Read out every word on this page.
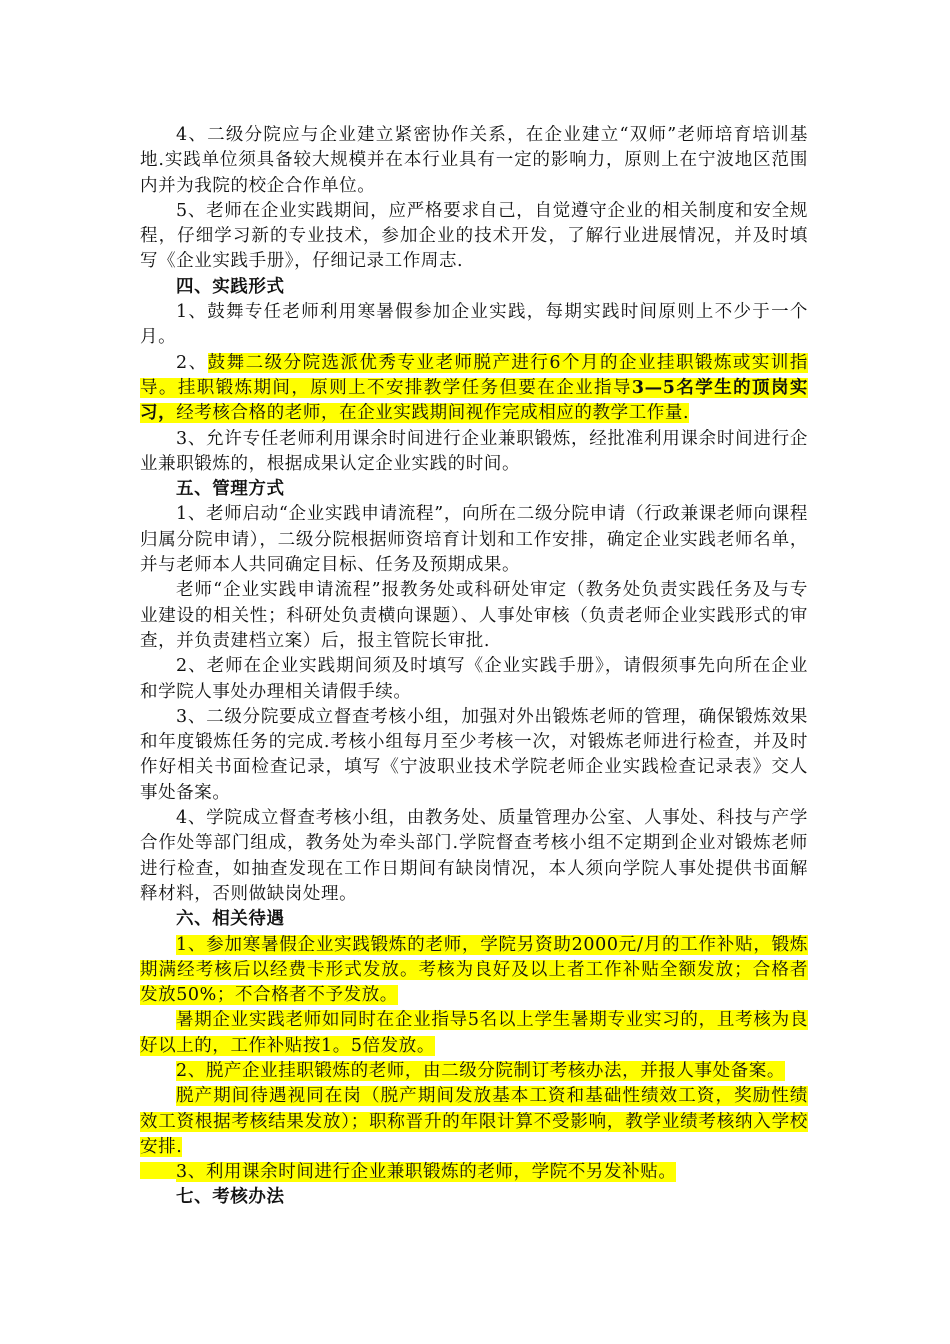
4、二级分院应与企业建立紧密协作关系，在企业建立“双师”老师培育培训基地.实践单位须具备较大规模并在本行业具有一定的影响力，原则上在宁波地区范围内并为我院的校企合作单位。

5、老师在企业实践期间，应严格要求自己，自觉遵守企业的相关制度和安全规程，仔细学习新的专业技术，参加企业的技术开发，了解行业进展情况，并及时填写《企业实践手册》，仔细记录工作周志.

四、实践形式

1、鼓舞专任老师利用寒暑假参加企业实践，每期实践时间原则上不少于一个月。

2、鼓舞二级分院选派优秀专业老师脱产进行6个月的企业挂职锻炼或实训指导。挂职锻炼期间，原则上不安排教学任务但要在企业指导3—5名学生的顶岗实习，经考核合格的老师，在企业实践期间视作完成相应的教学工作量.

3、允许专任老师利用课余时间进行企业兼职锻炼，经批准利用课余时间进行企业兼职锻炼的，根据成果认定企业实践的时间。

五、管理方式

1、老师启动“企业实践申请流程”，向所在二级分院申请（行政兼课老师向课程归属分院申请），二级分院根据师资培育计划和工作安排，确定企业实践老师名单，并与老师本人共同确定目标、任务及预期成果。

老师“企业实践申请流程”报教务处或科研处审定（教务处负责实践任务及与专业建设的相关性；科研处负责横向课题）、人事处审核（负责老师企业实践形式的审查，并负责建档立案）后，报主管院长审批.

2、老师在企业实践期间须及时填写《企业实践手册》，请假须事先向所在企业和学院人事处办理相关请假手续。

3、二级分院要成立督查考核小组，加强对外出锻炼老师的管理，确保锻炼效果和年度锻炼任务的完成.考核小组每月至少考核一次，对锻炼老师进行检查，并及时作好相关书面检查记录，填写《宁波职业技术学院老师企业实践检查记录表》交人事处备案。

4、学院成立督查考核小组，由教务处、质量管理办公室、人事处、科技与产学合作处等部门组成，教务处为牵头部门.学院督查考核小组不定期到企业对锻炼老师进行检查，如抽查发现在工作日期间有缺岗情况，本人须向学院人事处提供书面解释材料，否则做缺岗处理。

六、相关待遇

1、参加寒暑假企业实践锻炼的老师，学院另资助2000元/月的工作补贴，锻炼期满经考核后以经费卡形式发放。考核为良好及以上者工作补贴全额发放；合格者发放50%；不合格者不予发放。

暑期企业实践老师如同时在企业指导5名以上学生暑期专业实习的，且考核为良好以上的，工作补贴按1。5倍发放。

2、脱产企业挂职锻炼的老师，由二级分院制订考核办法，并报人事处备案。

脱产期间待遇视同在岗（脱产期间发放基本工资和基础性绩效工资，奖励性绩效工资根据考核结果发放）；职称晋升的年限计算不受影响，教学业绩考核纳入学校安排.

3、利用课余时间进行企业兼职锻炼的老师，学院不另发补贴。

七、考核办法
